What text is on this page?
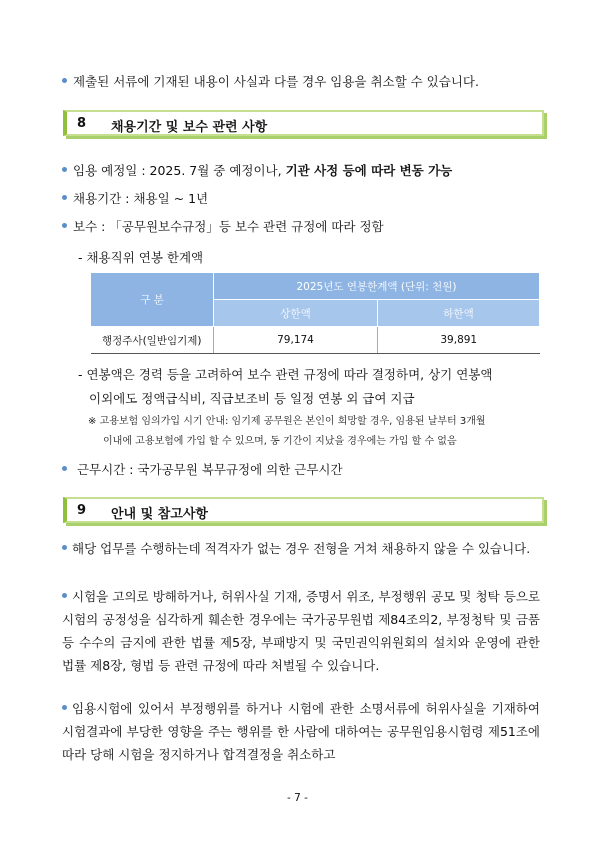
제출된 서류에 기재된 내용이 사실과 다를 경우 임용을 취소할 수 있습니다.
8 채용기간 및 보수 관련 사항
임용 예정일 : 2025. 7월 중 예정이나, 기관 사정 등에 따라 변동 가능
채용기간 : 채용일 ~ 1년
보수 : 「공무원보수규정」등 보수 관련 규정에 따라 정함
- 채용직위 연봉 한계액
구 분	2025년도 연봉한계액 (단위: 천원)	
	상한액	하한액
행정주사(일반임기제)	79,174	39,891
- 연봉액은 경력 등을 고려하여 보수 관련 규정에 따라 결정하며, 상기 연봉액
이외에도 정액급식비, 직급보조비 등 일정 연봉 외 급여 지급
※ 고용보험 임의가입 시기 안내: 임기제 공무원은 본인이 희망할 경우, 임용된 날부터 3개월
이내에 고용보험에 가입 할 수 있으며, 동 기간이 지났을 경우에는 가입 할 수 없음
근무시간 : 국가공무원 복무규정에 의한 근무시간
9 안내 및 참고사항
해당 업무를 수행하는데 적격자가 없는 경우 전형을 거쳐 채용하지 않을 수 있습니다.
시험을 고의로 방해하거나, 허위사실 기재, 증명서 위조, 부정행위 공모 및 청탁 등으로 시험의 공정성을 심각하게 훼손한 경우에는 국가공무원법 제84조의2, 부정청탁 및 금품 등 수수의 금지에 관한 법률 제5장, 부패방지 및 국민권익위원회의 설치와 운영에 관한 법률 제8장, 형법 등 관련 규정에 따라 처벌될 수 있습니다.
임용시험에 있어서 부정행위를 하거나 시험에 관한 소명서류에 허위사실을 기재하여 시험결과에 부당한 영향을 주는 행위를 한 사람에 대하여는 공무원임용시험령 제51조에 따라 당해 시험을 정지하거나 합격결정을 취소하고
- 7 -
